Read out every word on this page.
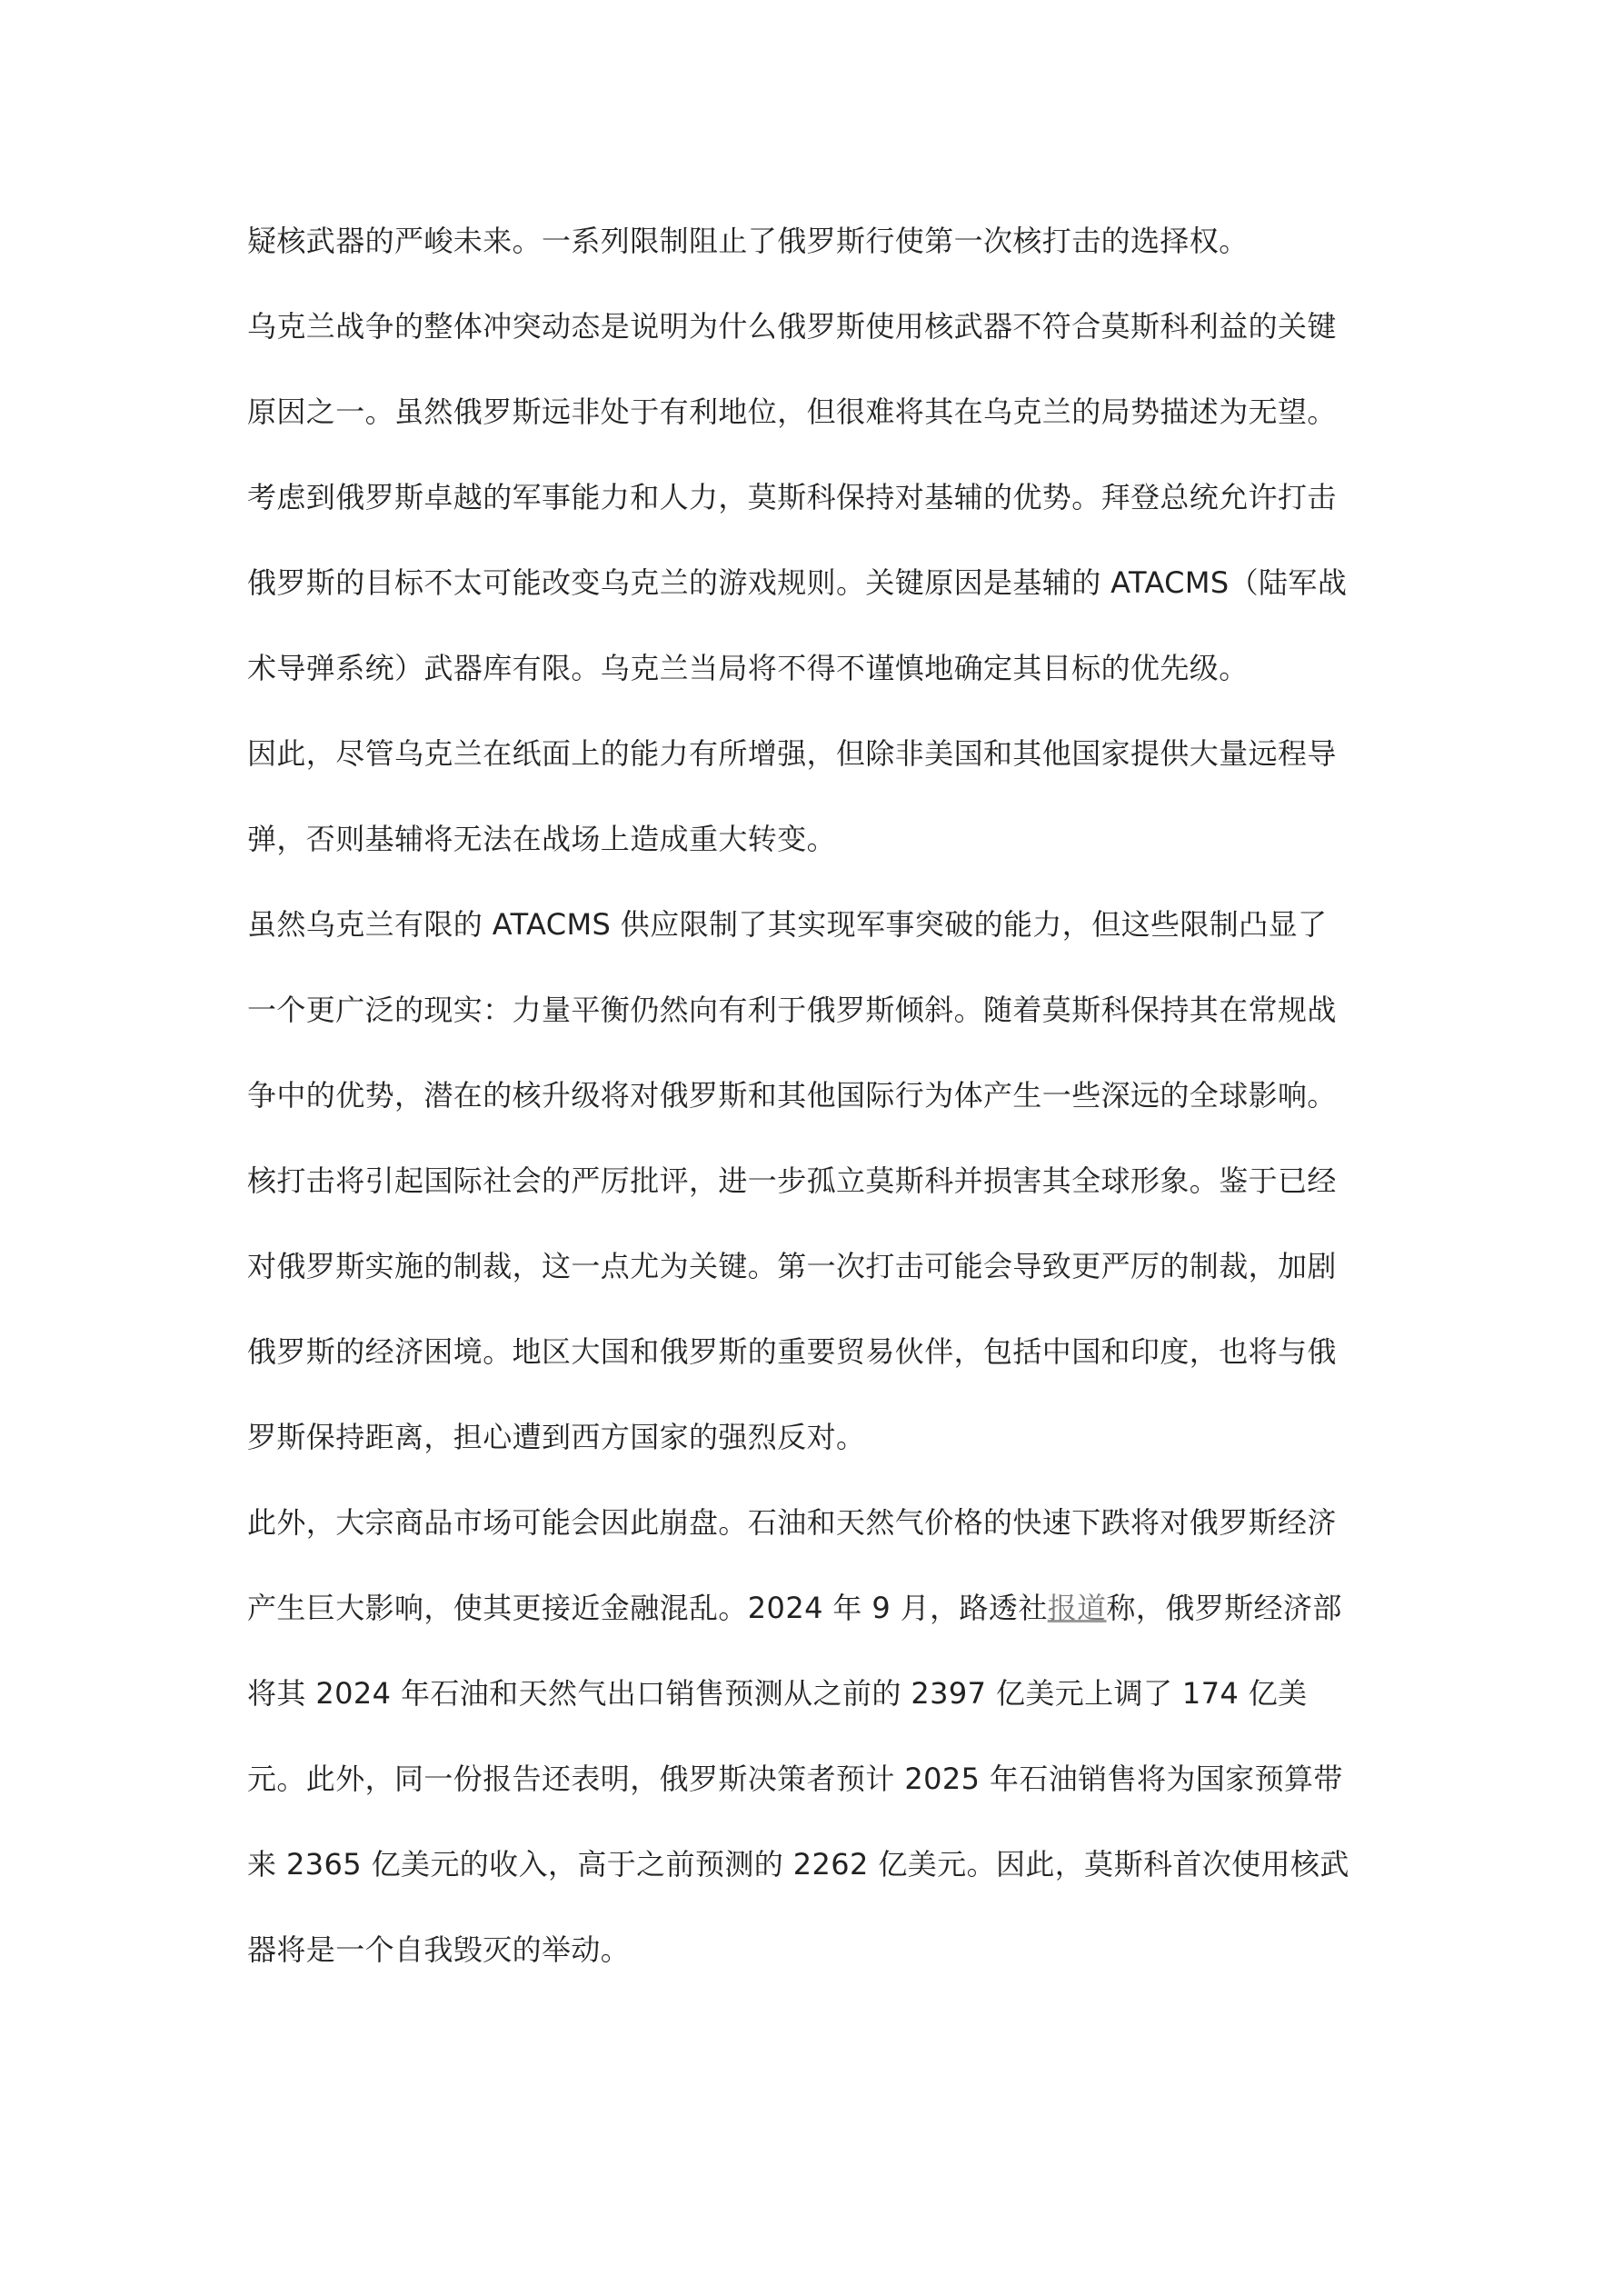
疑核武器的严峻未来。一系列限制阻止了俄罗斯行使第一次核打击的选择权。
乌克兰战争的整体冲突动态是说明为什么俄罗斯使用核武器不符合莫斯科利益的关键
原因之一。虽然俄罗斯远非处于有利地位，但很难将其在乌克兰的局势描述为无望。
考虑到俄罗斯卓越的军事能力和人力，莫斯科保持对基辅的优势。拜登总统允许打击
俄罗斯的目标不太可能改变乌克兰的游戏规则。关键原因是基辅的 ATACMS（陆军战
术导弹系统）武器库有限。乌克兰当局将不得不谨慎地确定其目标的优先级。
因此，尽管乌克兰在纸面上的能力有所增强，但除非美国和其他国家提供大量远程导
弹，否则基辅将无法在战场上造成重大转变。
虽然乌克兰有限的 ATACMS 供应限制了其实现军事突破的能力，但这些限制凸显了
一个更广泛的现实：力量平衡仍然向有利于俄罗斯倾斜。随着莫斯科保持其在常规战
争中的优势，潜在的核升级将对俄罗斯和其他国际行为体产生一些深远的全球影响。
核打击将引起国际社会的严厉批评，进一步孤立莫斯科并损害其全球形象。鉴于已经
对俄罗斯实施的制裁，这一点尤为关键。第一次打击可能会导致更严厉的制裁，加剧
俄罗斯的经济困境。地区大国和俄罗斯的重要贸易伙伴，包括中国和印度，也将与俄
罗斯保持距离，担心遭到西方国家的强烈反对。
此外，大宗商品市场可能会因此崩盘。石油和天然气价格的快速下跌将对俄罗斯经济
产生巨大影响，使其更接近金融混乱。2024 年 9 月，路透社报道称，俄罗斯经济部
将其 2024 年石油和天然气出口销售预测从之前的 2397 亿美元上调了 174 亿美
元。此外，同一份报告还表明，俄罗斯决策者预计 2025 年石油销售将为国家预算带
来 2365 亿美元的收入，高于之前预测的 2262 亿美元。因此，莫斯科首次使用核武
器将是一个自我毁灭的举动。
